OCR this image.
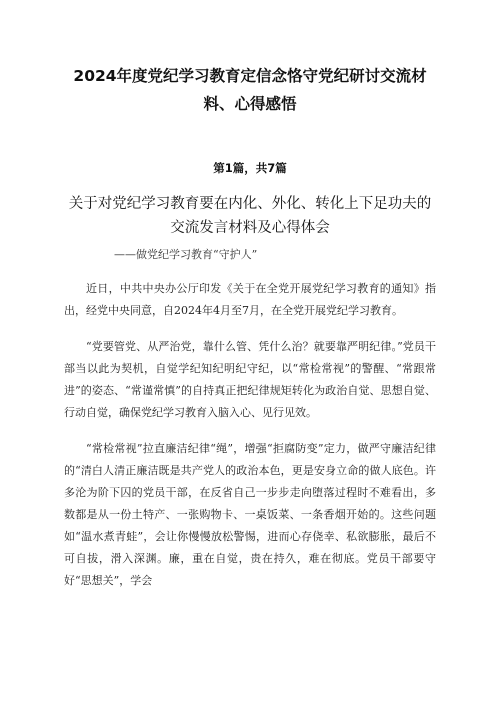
2024年度党纪学习教育定信念恪守党纪研讨交流材料、心得感悟
第1篇，共7篇
关于对党纪学习教育要在内化、外化、转化上下足功夫的交流发言材料及心得体会
——做党纪学习教育“守护人”

近日，中共中央办公厅印发《关于在全党开展党纪学习教育的通知》指出，经党中央同意，自2024年4月至7月，在全党开展党纪学习教育。

“党要管党、从严治党，靠什么管、凭什么治？就要靠严明纪律。”党员干部当以此为契机，自觉学纪知纪明纪守纪，以“常检常视”的警醒、“常跟常进”的姿态、“常谨常慎”的自持真正把纪律规矩转化为政治自觉、思想自觉、行动自觉，确保党纪学习教育入脑入心、见行见效。

“常检常视”拉直廉洁纪律“绳”，增强“拒腐防变”定力，做严守廉洁纪律的“清白人清正廉洁既是共产党人的政治本色，更是安身立命的做人底色。许多沦为阶下囚的党员干部，在反省自己一步步走向堕落过程时不难看出，多数都是从一份土特产、一张购物卡、一桌饭菜、一条香烟开始的。这些问题如“温水煮青蛙”，会让你慢慢放松警惕，进而心存侥幸、私欲膨胀，最后不可自拔，滑入深渊。廉，重在自觉，贵在持久，难在彻底。党员干部要守好“思想关”，学会
